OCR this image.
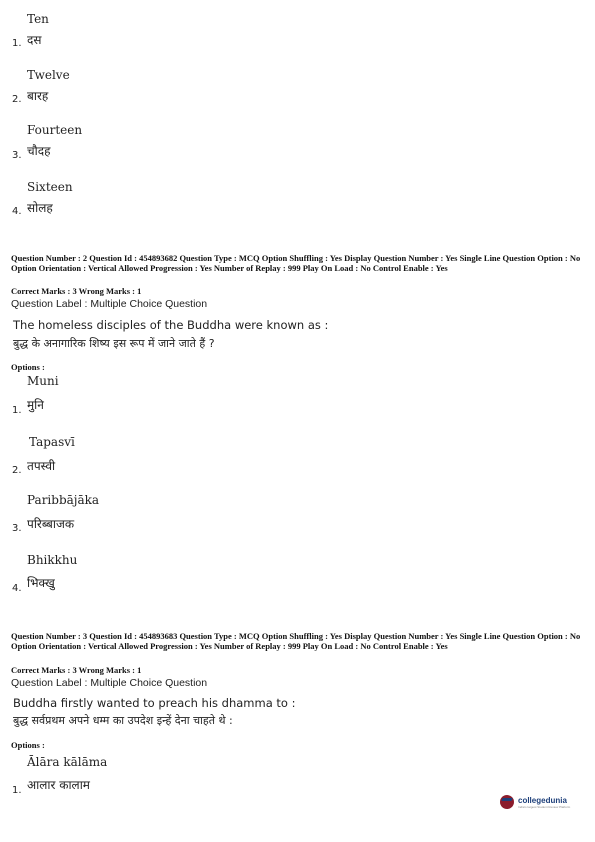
Ten
1. दस
Twelve
2. बारह
Fourteen
3. चौदह
Sixteen
4. सोलह
Question Number : 2 Question Id : 454893682 Question Type : MCQ Option Shuffling : Yes Display Question Number : Yes Single Line Question Option : No Option Orientation : Vertical Allowed Progression : Yes Number of Replay : 999 Play On Load : No Control Enable : Yes
Correct Marks : 3 Wrong Marks : 1
Question Label : Multiple Choice Question
The homeless disciples of the Buddha were known as :
बुद्ध के अनागारिक शिष्य इस रूप में जाने जाते हैं ?
Options :
Muni
1. मुनि
Tapasvī
2. तपस्वी
Paribbājāka
3. परिब्बाजक
Bhikkhu
4. भिक्खु
Question Number : 3 Question Id : 454893683 Question Type : MCQ Option Shuffling : Yes Display Question Number : Yes Single Line Question Option : No Option Orientation : Vertical Allowed Progression : Yes Number of Replay : 999 Play On Load : No Control Enable : Yes
Correct Marks : 3 Wrong Marks : 1
Question Label : Multiple Choice Question
Buddha firstly wanted to preach his dhamma to :
बुद्ध सर्वप्रथम अपने धम्म का उपदेश इन्हें देना चाहते थे :
Options :
Ālāra kālāma
1. आलार कालाम
collegedunia
India's largest Student Review Platform
